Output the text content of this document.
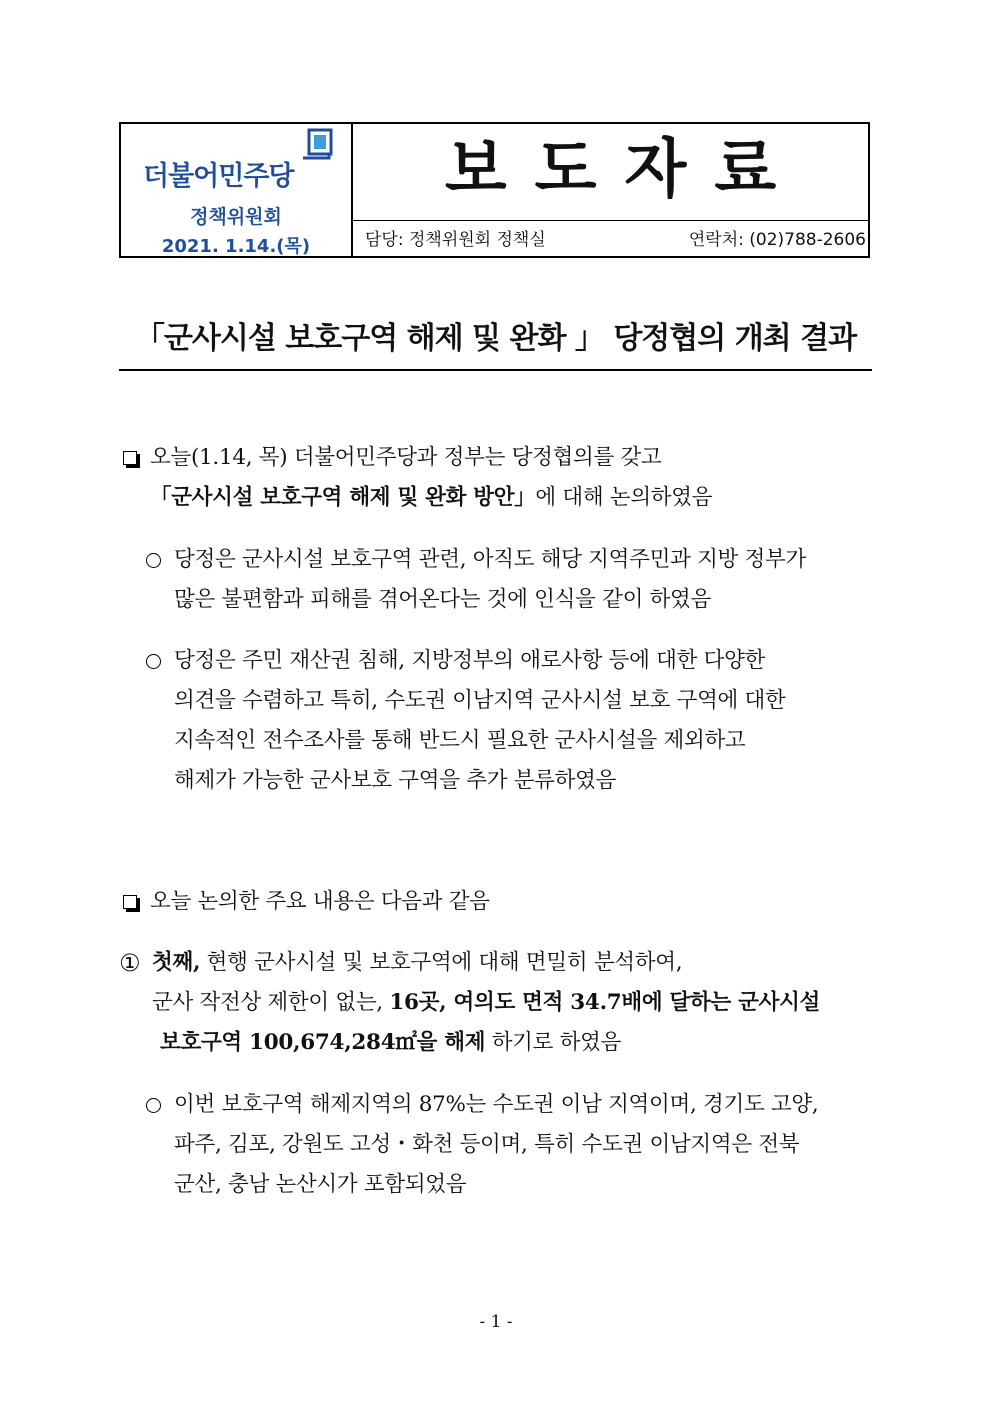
더불어민주당
정책위원회
2021. 1.14.(목)
보도자료
담당: 정책위원회 정책실	연락처: (02)788-2606
「군사시설 보호구역 해제 및 완화 」 당정협의 개최 결과
오늘(1.14, 목) 더불어민주당과 정부는 당정협의를 갖고
「군사시설 보호구역 해제 및 완화 방안」에 대해 논의하였음
당정은 군사시설 보호구역 관련, 아직도 해당 지역주민과 지방 정부가
많은 불편함과 피해를 겪어온다는 것에 인식을 같이 하였음
당정은 주민 재산권 침해, 지방정부의 애로사항 등에 대한 다양한
의견을 수렴하고 특히, 수도권 이남지역 군사시설 보호 구역에 대한
지속적인 전수조사를 통해 반드시 필요한 군사시설을 제외하고
해제가 가능한 군사보호 구역을 추가 분류하였음
오늘 논의한 주요 내용은 다음과 같음
① 첫째, 현행 군사시설 및 보호구역에 대해 면밀히 분석하여,
군사 작전상 제한이 없는, 16곳, 여의도 면적 34.7배에 달하는 군사시설
보호구역 100,674,284㎡을 해제 하기로 하였음
이번 보호구역 해제지역의 87%는 수도권 이남 지역이며, 경기도 고양,
파주, 김포, 강원도 고성・화천 등이며, 특히 수도권 이남지역은 전북
군산, 충남 논산시가 포함되었음
- 1 -
